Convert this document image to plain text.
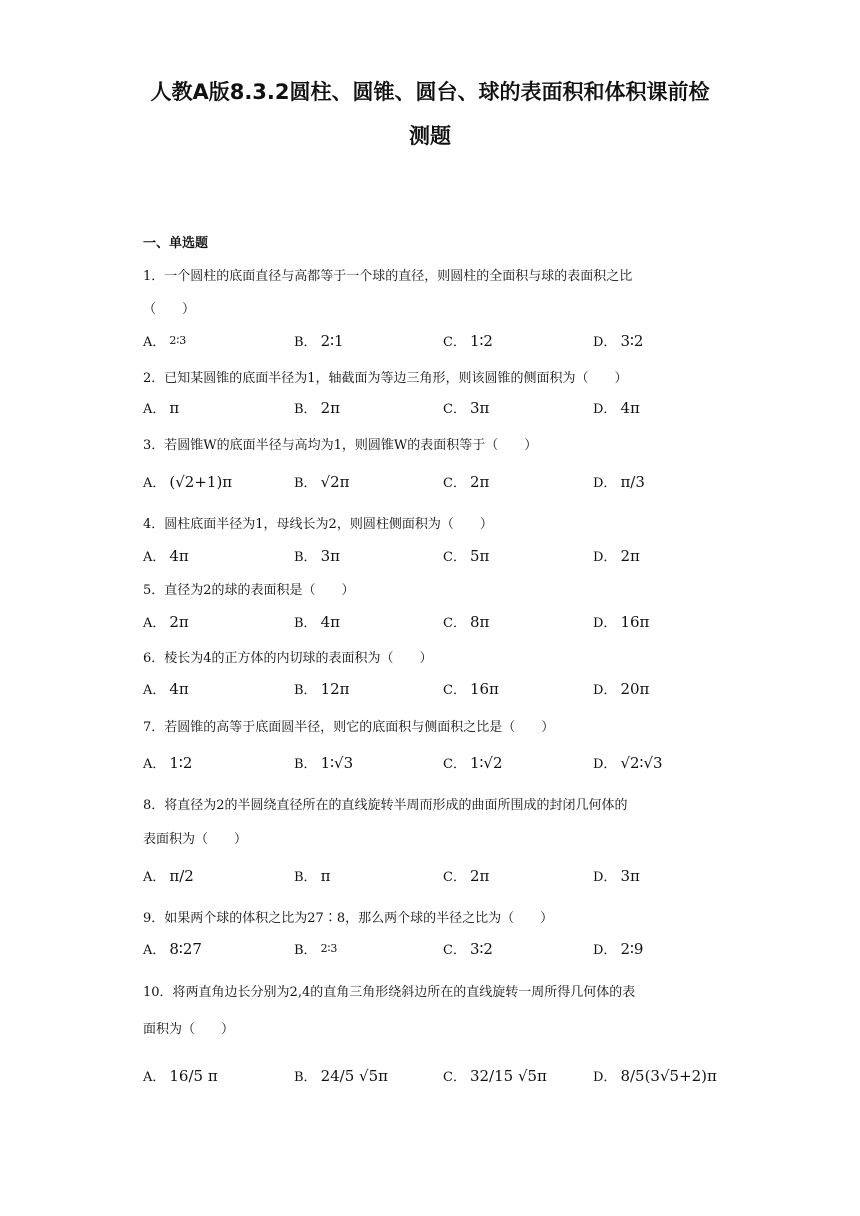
人教A版8.3.2圆柱、圆锥、圆台、球的表面积和体积课前检
测题
一、单选题
1．一个圆柱的底面直径与高都等于一个球的直径，则圆柱的全面积与球的表面积之比
（　　）
A． 2∶3	B． 2∶1	C． 1∶2	D． 3∶2
2．已知某圆锥的底面半径为1，轴截面为等边三角形，则该圆锥的侧面积为（　　）
A． π	B． 2π	C． 3π	D． 4π
3．若圆锥W的底面半径与高均为1，则圆锥W的表面积等于（　　）
A． (√2+1)π	B． √2π	C． 2π	D． π/3
4．圆柱底面半径为1，母线长为2，则圆柱侧面积为（　　）
A． 4π	B． 3π	C． 5π	D． 2π
5．直径为2的球的表面积是（　　）
A． 2π	B． 4π	C． 8π	D． 16π
6．棱长为4的正方体的内切球的表面积为（　　）
A． 4π	B． 12π	C． 16π	D． 20π
7．若圆锥的高等于底面圆半径，则它的底面积与侧面积之比是（　　）
A． 1∶2	B． 1∶√3	C． 1∶√2	D． √2∶√3
8．将直径为2的半圆绕直径所在的直线旋转半周而形成的曲面所围成的封闭几何体的
表面积为（　　）
A． π/2	B． π	C． 2π	D． 3π
9．如果两个球的体积之比为27∶8，那么两个球的半径之比为（　　）
A． 8∶27	B． 2∶3	C． 3∶2	D． 2∶9
10．将两直角边长分别为2,4的直角三角形绕斜边所在的直线旋转一周所得几何体的表
面积为（　　）
A． 16/5 π	B． 24/5 √5π	C． 32/15 √5π	D． 8/5(3√5+2)π
